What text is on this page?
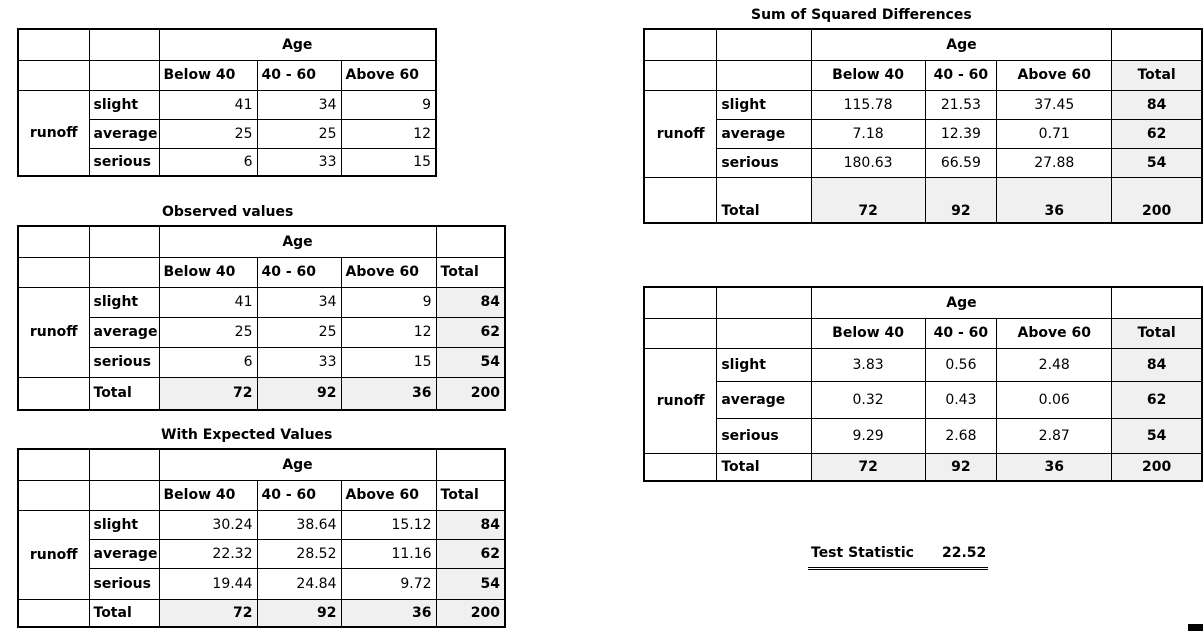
		Age		
		Below 40	40 - 60	Above 60
runoff	slight	41	34	9
	average	25	25	12
	serious	6	33	15
Observed values
		Age			
		Below 40	40 - 60	Above 60	Total
runoff	slight	41	34	9	84
	average	25	25	12	62
	serious	6	33	15	54
	Total	72	92	36	200
With Expected Values
		Age			
		Below 40	40 - 60	Above 60	Total
runoff	slight	30.24	38.64	15.12	84
	average	22.32	28.52	11.16	62
	serious	19.44	24.84	9.72	54
	Total	72	92	36	200
Sum of Squared Differences
		Age			
		Below 40	40 - 60	Above 60	Total
runoff	slight	115.78	21.53	37.45	84
	average	7.18	12.39	0.71	62
	serious	180.63	66.59	27.88	54
	Total	72	92	36	200
		Age			
		Below 40	40 - 60	Above 60	Total
runoff	slight	3.83	0.56	2.48	84
	average	0.32	0.43	0.06	62
	serious	9.29	2.68	2.87	54
	Total	72	92	36	200
Test Statistic 22.52
